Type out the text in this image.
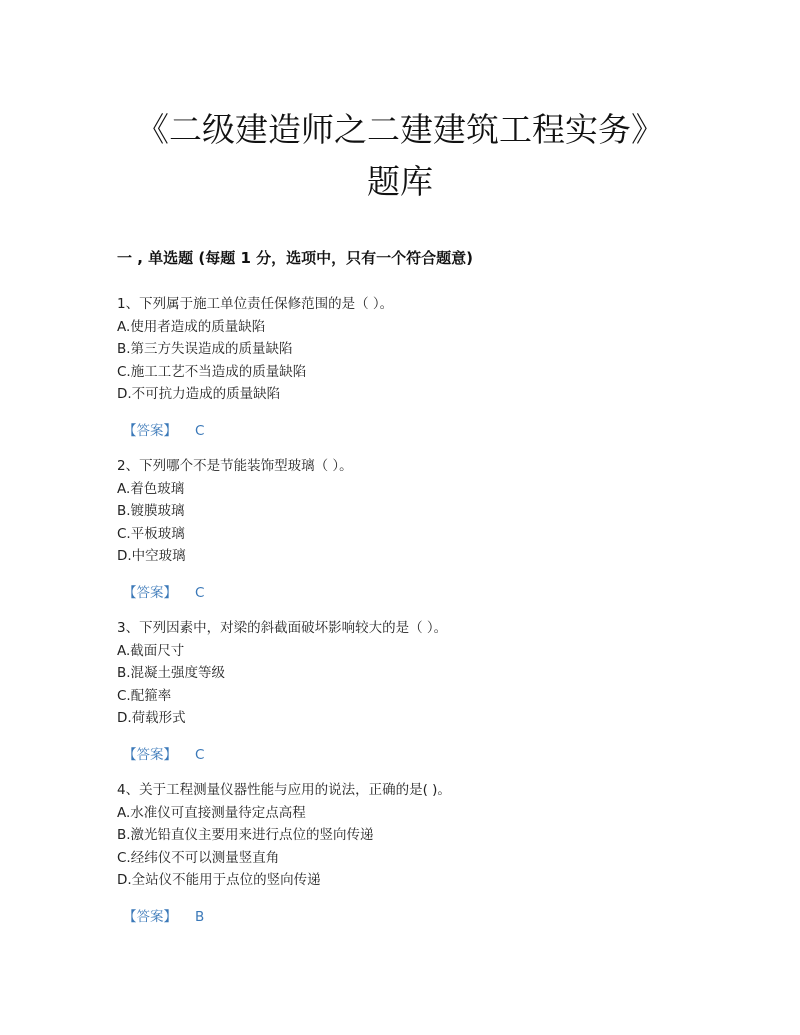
《二级建造师之二建建筑工程实务》
题库
一 , 单选题 (每题 1 分，选项中，只有一个符合题意)
1、下列属于施工单位责任保修范围的是（ ）。
A.使用者造成的质量缺陷
B.第三方失误造成的质量缺陷
C.施工工艺不当造成的质量缺陷
D.不可抗力造成的质量缺陷
【答案】 C
2、下列哪个不是节能装饰型玻璃（ ）。
A.着色玻璃
B.镀膜玻璃
C.平板玻璃
D.中空玻璃
【答案】 C
3、下列因素中，对梁的斜截面破坏影响较大的是（ ）。
A.截面尺寸
B.混凝土强度等级
C.配箍率
D.荷载形式
【答案】 C
4、关于工程测量仪器性能与应用的说法，正确的是( )。
A.水准仪可直接测量待定点高程
B.激光铅直仪主要用来进行点位的竖向传递
C.经纬仪不可以测量竖直角
D.全站仪不能用于点位的竖向传递
【答案】 B
